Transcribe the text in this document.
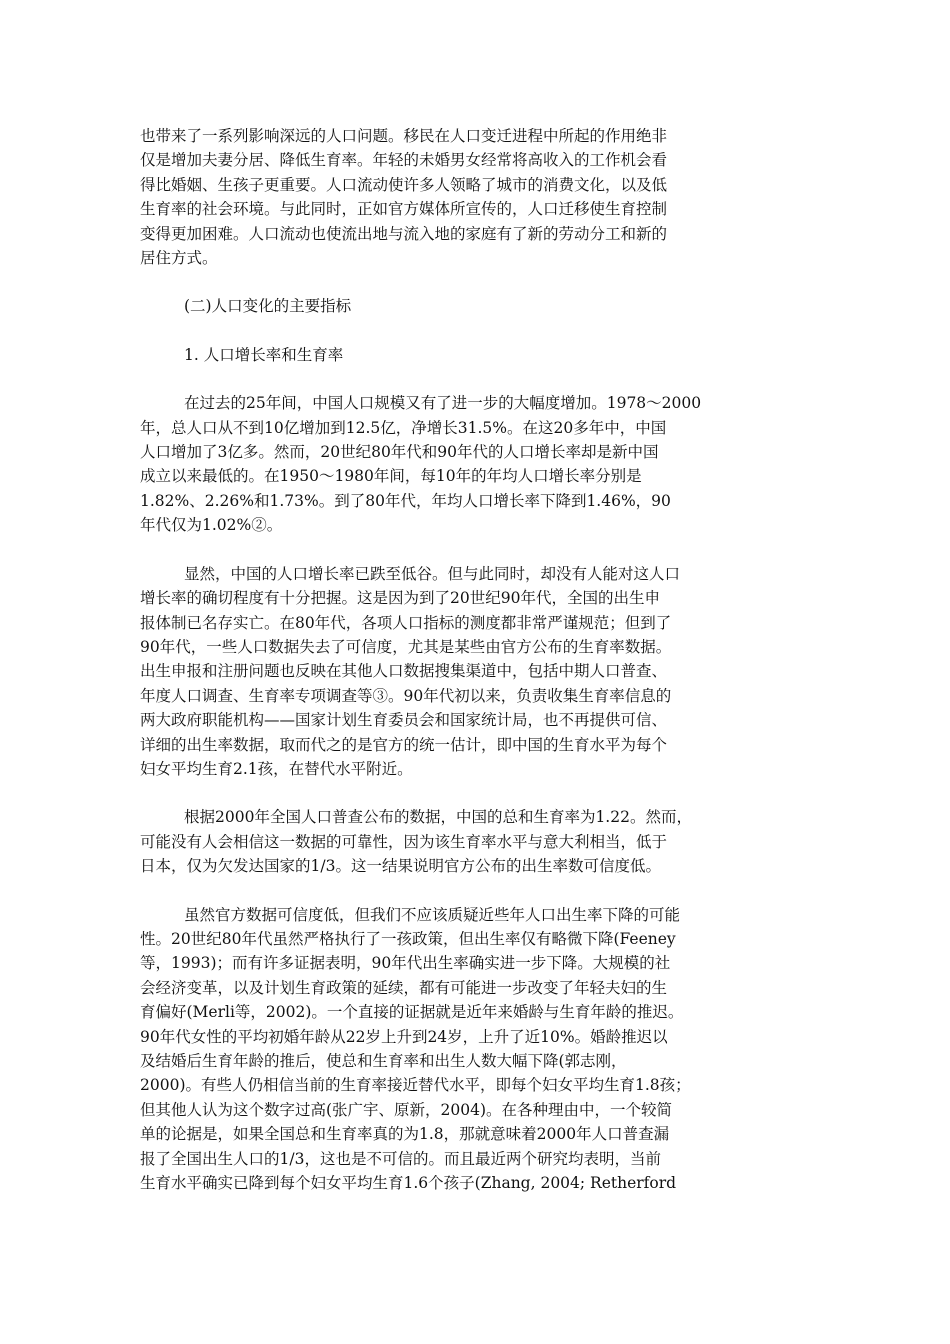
也带来了一系列影响深远的人口问题。移民在人口变迁进程中所起的作用绝非
仅是增加夫妻分居、降低生育率。年轻的未婚男女经常将高收入的工作机会看
得比婚姻、生孩子更重要。人口流动使许多人领略了城市的消费文化，以及低
生育率的社会环境。与此同时，正如官方媒体所宣传的，人口迁移使生育控制
变得更加困难。人口流动也使流出地与流入地的家庭有了新的劳动分工和新的
居住方式。

(二)人口变化的主要指标

1. 人口增长率和生育率

在过去的25年间，中国人口规模又有了进一步的大幅度增加。1978～2000
年，总人口从不到10亿增加到12.5亿，净增长31.5%。在这20多年中，中国
人口增加了3亿多。然而，20世纪80年代和90年代的人口增长率却是新中国
成立以来最低的。在1950～1980年间，每10年的年均人口增长率分别是
1.82%、2.26%和1.73%。到了80年代，年均人口增长率下降到1.46%，90
年代仅为1.02%②。

显然，中国的人口增长率已跌至低谷。但与此同时，却没有人能对这人口
增长率的确切程度有十分把握。这是因为到了20世纪90年代，全国的出生申
报体制已名存实亡。在80年代，各项人口指标的测度都非常严谨规范；但到了
90年代，一些人口数据失去了可信度，尤其是某些由官方公布的生育率数据。
出生申报和注册问题也反映在其他人口数据搜集渠道中，包括中期人口普查、
年度人口调查、生育率专项调查等③。90年代初以来，负责收集生育率信息的
两大政府职能机构——国家计划生育委员会和国家统计局，也不再提供可信、
详细的出生率数据，取而代之的是官方的统一估计，即中国的生育水平为每个
妇女平均生育2.1孩，在替代水平附近。

根据2000年全国人口普查公布的数据，中国的总和生育率为1.22。然而，
可能没有人会相信这一数据的可靠性，因为该生育率水平与意大利相当，低于
日本，仅为欠发达国家的1/3。这一结果说明官方公布的出生率数可信度低。

虽然官方数据可信度低，但我们不应该质疑近些年人口出生率下降的可能
性。20世纪80年代虽然严格执行了一孩政策，但出生率仅有略微下降(Feeney
等，1993)；而有许多证据表明，90年代出生率确实进一步下降。大规模的社
会经济变革，以及计划生育政策的延续，都有可能进一步改变了年轻夫妇的生
育偏好(Merli等，2002)。一个直接的证据就是近年来婚龄与生育年龄的推迟。
90年代女性的平均初婚年龄从22岁上升到24岁，上升了近10%。婚龄推迟以
及结婚后生育年龄的推后，使总和生育率和出生人数大幅下降(郭志刚，
2000)。有些人仍相信当前的生育率接近替代水平，即每个妇女平均生育1.8孩；
但其他人认为这个数字过高(张广宇、原新，2004)。在各种理由中，一个较简
单的论据是，如果全国总和生育率真的为1.8，那就意味着2000年人口普查漏
报了全国出生人口的1/3，这也是不可信的。而且最近两个研究均表明，当前
生育水平确实已降到每个妇女平均生育1.6个孩子(Zhang, 2004; Retherford
